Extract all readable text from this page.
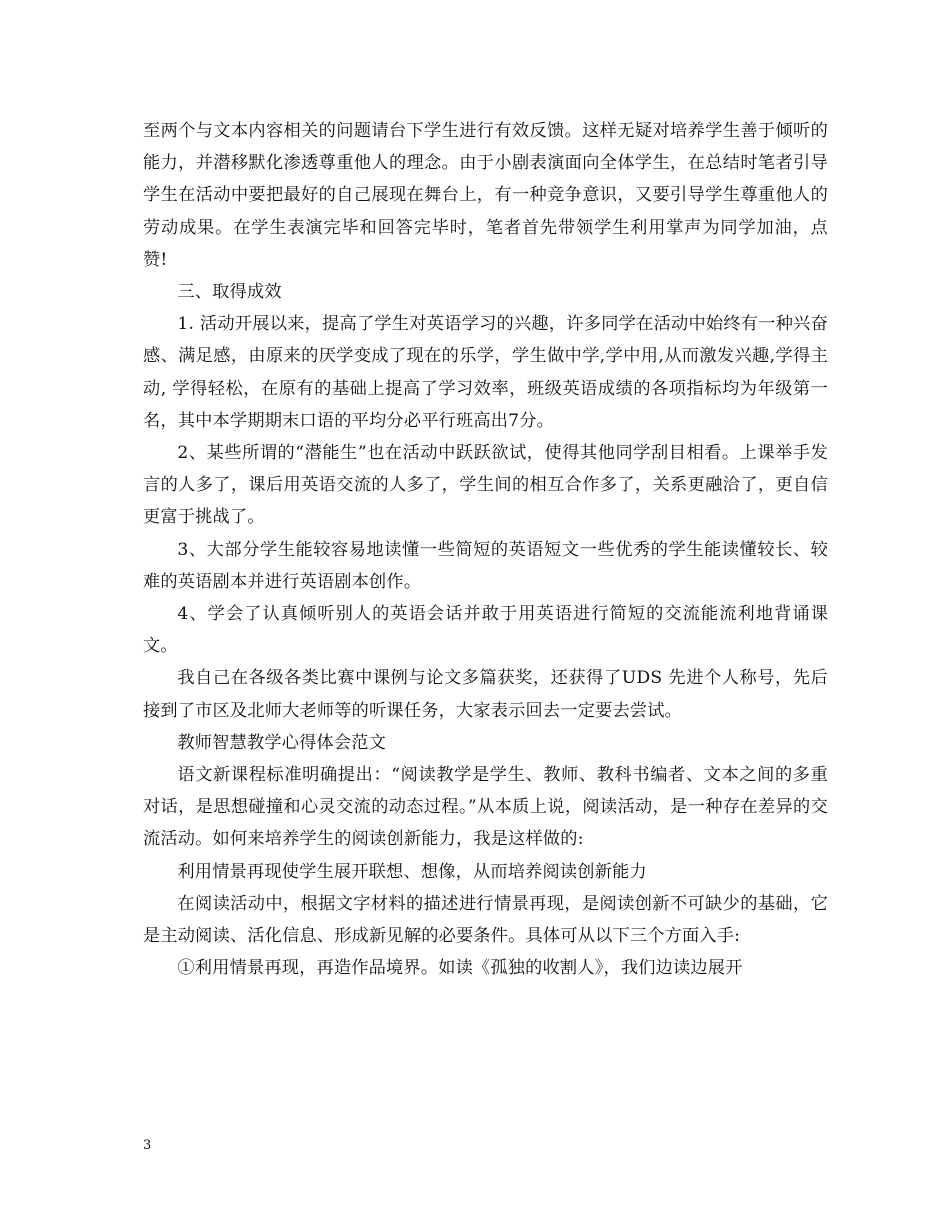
至两个与文本内容相关的问题请台下学生进行有效反馈。这样无疑对培养学生善于倾听的能力，并潜移默化渗透尊重他人的理念。由于小剧表演面向全体学生，在总结时笔者引导学生在活动中要把最好的自己展现在舞台上，有一种竞争意识，又要引导学生尊重他人的劳动成果。在学生表演完毕和回答完毕时，笔者首先带领学生利用掌声为同学加油，点赞!

三、取得成效

1. 活动开展以来，提高了学生对英语学习的兴趣，许多同学在活动中始终有一种兴奋感、满足感，由原来的厌学变成了现在的乐学，学生做中学,学中用,从而激发兴趣,学得主动, 学得轻松，在原有的基础上提高了学习效率，班级英语成绩的各项指标均为年级第一名，其中本学期期末口语的平均分必平行班高出7分。

2、某些所谓的“潜能生”也在活动中跃跃欲试，使得其他同学刮目相看。上课举手发言的人多了，课后用英语交流的人多了，学生间的相互合作多了，关系更融洽了，更自信更富于挑战了。

3、大部分学生能较容易地读懂一些简短的英语短文一些优秀的学生能读懂较长、较难的英语剧本并进行英语剧本创作。

4、学会了认真倾听别人的英语会话并敢于用英语进行简短的交流能流利地背诵课文。

我自己在各级各类比赛中课例与论文多篇获奖，还获得了UDS 先进个人称号，先后接到了市区及北师大老师等的听课任务，大家表示回去一定要去尝试。

教师智慧教学心得体会范文

语文新课程标准明确提出：“阅读教学是学生、教师、教科书编者、文本之间的多重对话，是思想碰撞和心灵交流的动态过程。”从本质上说，阅读活动，是一种存在差异的交流活动。如何来培养学生的阅读创新能力，我是这样做的:

利用情景再现使学生展开联想、想像，从而培养阅读创新能力

在阅读活动中，根据文字材料的描述进行情景再现，是阅读创新不可缺少的基础，它是主动阅读、活化信息、形成新见解的必要条件。具体可从以下三个方面入手:

①利用情景再现，再造作品境界。如读《孤独的收割人》，我们边读边展开

3
